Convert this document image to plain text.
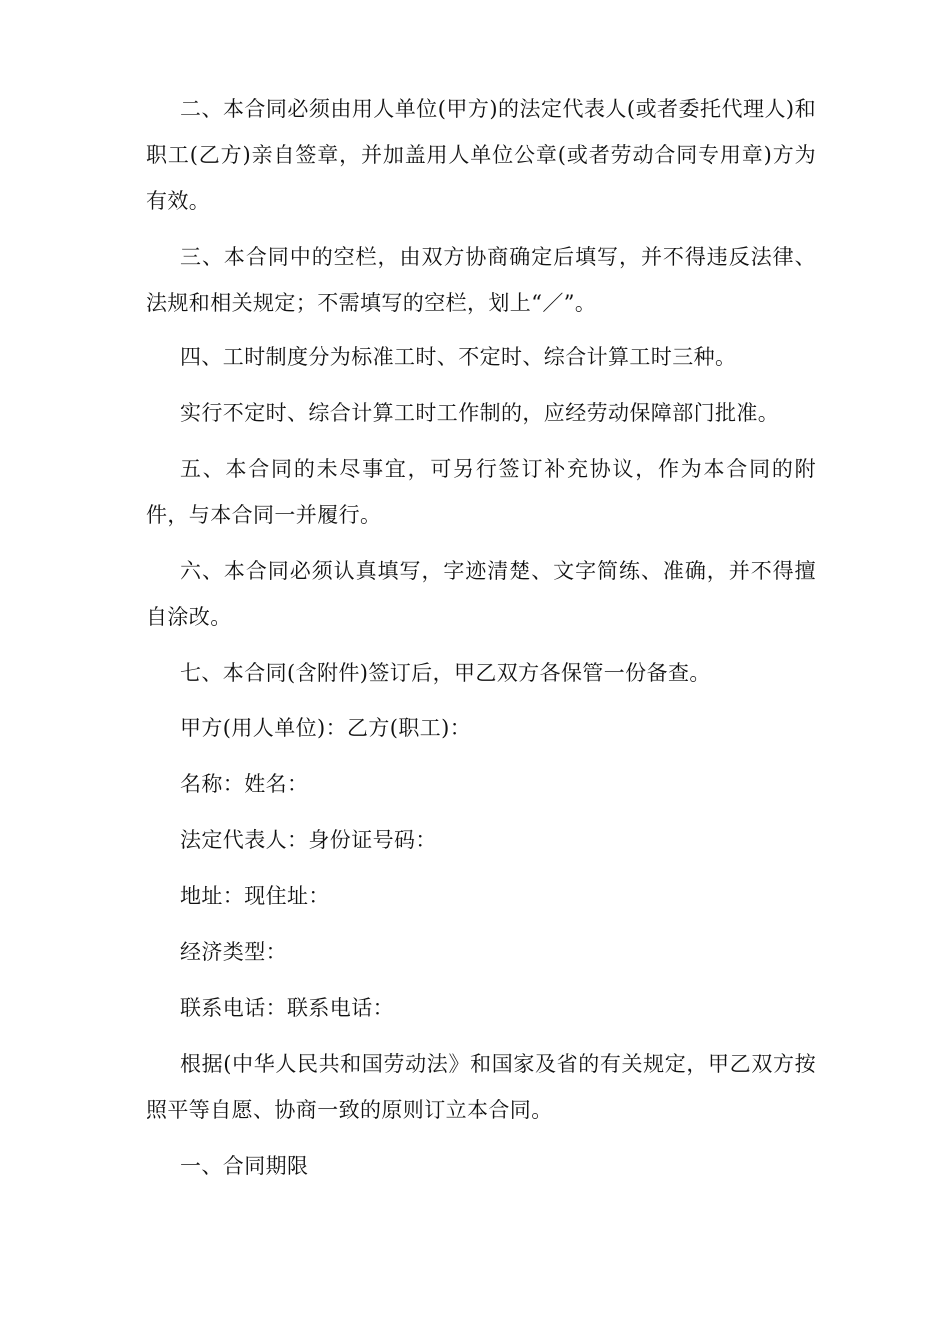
二、本合同必须由用人单位(甲方)的法定代表人(或者委托代理人)和职工(乙方)亲自签章，并加盖用人单位公章(或者劳动合同专用章)方为有效。

三、本合同中的空栏，由双方协商确定后填写，并不得违反法律、法规和相关规定；不需填写的空栏，划上“／”。

四、工时制度分为标准工时、不定时、综合计算工时三种。

实行不定时、综合计算工时工作制的，应经劳动保障部门批准。

五、本合同的未尽事宜，可另行签订补充协议，作为本合同的附件，与本合同一并履行。

六、本合同必须认真填写，字迹清楚、文字简练、准确，并不得擅自涂改。

七、本合同(含附件)签订后，甲乙双方各保管一份备查。

甲方(用人单位)：乙方(职工)：

名称：姓名：

法定代表人：身份证号码：

地址：现住址：

经济类型：

联系电话：联系电话：

根据(中华人民共和国劳动法》和国家及省的有关规定，甲乙双方按照平等自愿、协商一致的原则订立本合同。

一、合同期限
